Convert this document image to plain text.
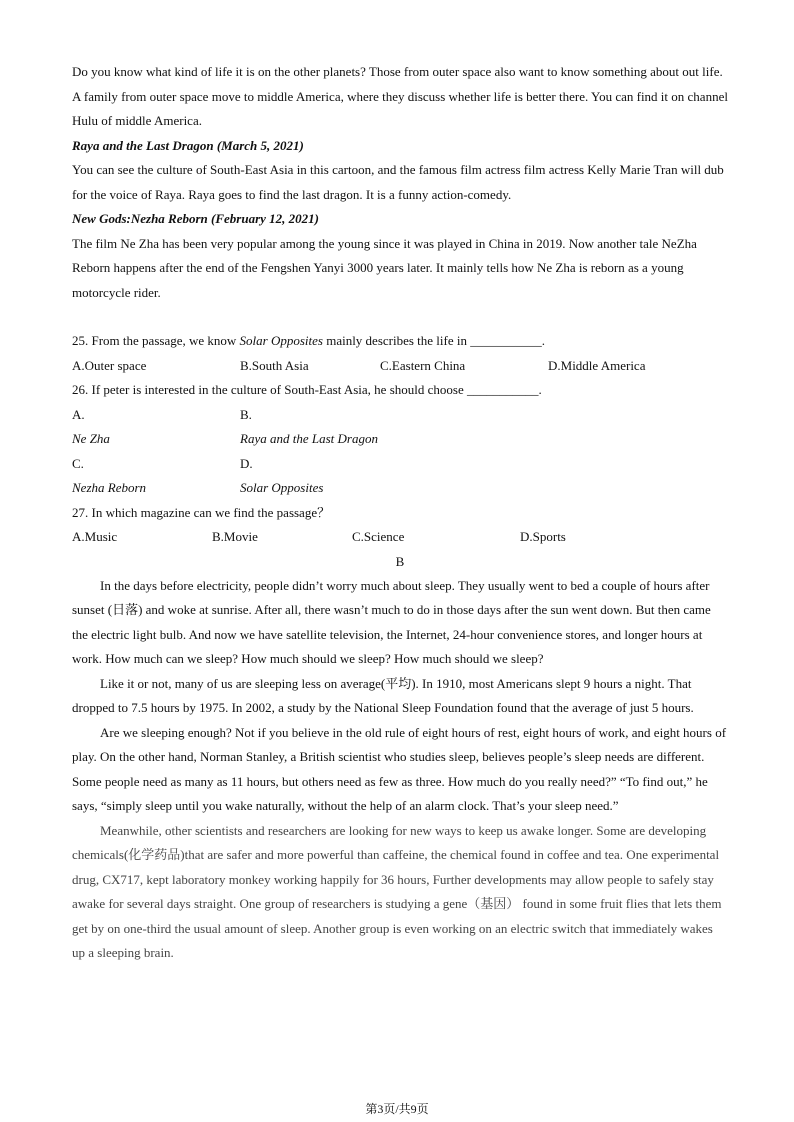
Do you know what kind of life it is on the other planets? Those from outer space also want to know something about out life. A family from outer space move to middle America, where they discuss whether life is better there. You can find it on channel Hulu of middle America.

Raya and the Last Dragon (March 5, 2021)

You can see the culture of South-East Asia in this cartoon, and the famous film actress film actress Kelly Marie Tran will dub for the voice of Raya. Raya goes to find the last dragon. It is a funny action-comedy.

New Gods:Nezha Reborn (February 12, 2021)

The film Ne Zha has been very popular among the young since it was played in China in 2019. Now another tale NeZha Reborn happens after the end of the Fengshen Yanyi 3000 years later. It mainly tells how Ne Zha is reborn as a young motorcycle rider.

25. From the passage, we know Solar Opposites mainly describes the life in ___________.

A.Outer space	B.South Asia	C.Eastern China	D.Middle America

26. If peter is interested in the culture of South-East Asia, he should choose ___________.

A.
Ne Zha
B.
Raya and the Last Dragon
C.
Nezha Reborn
D.
Solar Opposites

27. In which magazine can we find the passage？

A.Music	B.Movie	C.Science	D.Sports

B

In the days before electricity, people didn’t worry much about sleep. They usually went to bed a couple of hours after sunset (日落) and woke at sunrise. After all, there wasn’t much to do in those days after the sun went down. But then came the electric light bulb. And now we have satellite television, the Internet, 24-hour convenience stores, and longer hours at work. How much can we sleep? How much should we sleep? How much should we sleep?

Like it or not, many of us are sleeping less on average(平均). In 1910, most Americans slept 9 hours a night. That dropped to 7.5 hours by 1975. In 2002, a study by the National Sleep Foundation found that the average of just 5 hours.

Are we sleeping enough? Not if you believe in the old rule of eight hours of rest, eight hours of work, and eight hours of play. On the other hand, Norman Stanley, a British scientist who studies sleep, believes people’s sleep needs are different. Some people need as many as 11 hours, but others need as few as three. How much do you really need?” “To find out,” he says, “simply sleep until you wake naturally, without the help of an alarm clock. That’s your sleep need.”

Meanwhile, other scientists and researchers are looking for new ways to keep us awake longer. Some are developing chemicals(化学药品)that are safer and more powerful than caffeine, the chemical found in coffee and tea. One experimental drug, CX717, kept laboratory monkey working happily for 36 hours, Further developments may allow people to safely stay awake for several days straight. One group of researchers is studying a gene（基因） found in some fruit flies that lets them get by on one-third the usual amount of sleep. Another group is even working on an electric switch that immediately wakes up a sleeping brain.

第3页/共9页
